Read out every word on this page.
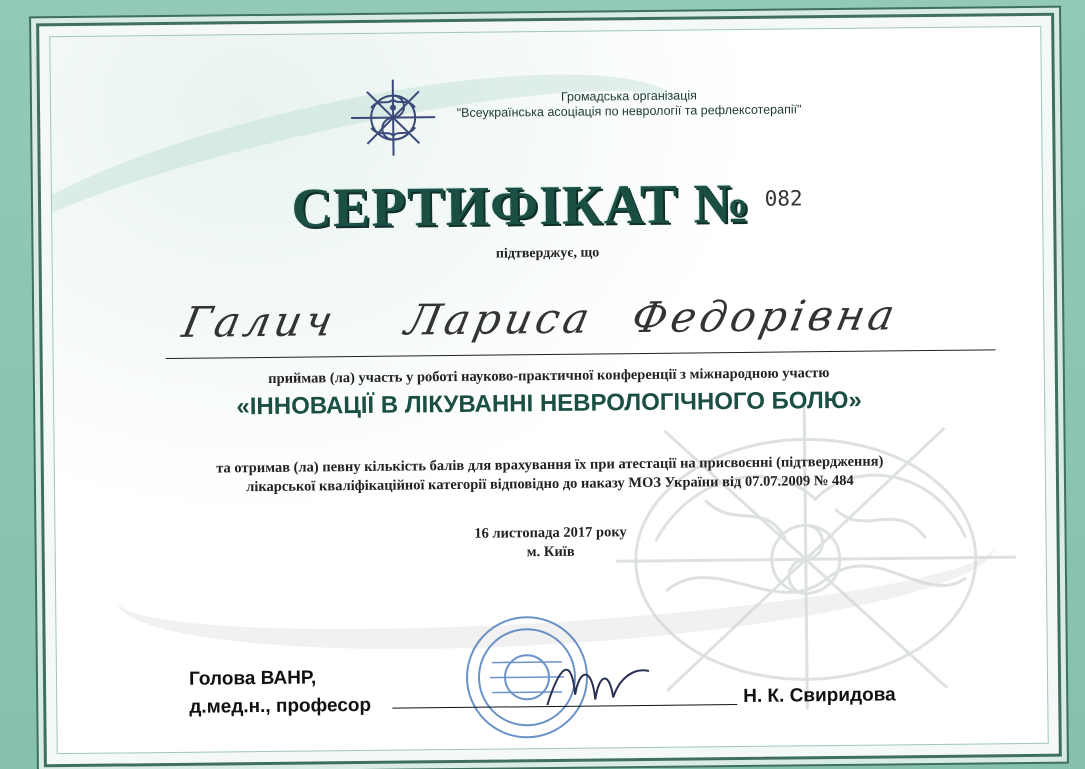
Громадська організація
"Всеукраїнська асоціація по неврології та рефлексотерапії"
СЕРТИФІКАТ № 082
підтверджує, що
Галич Лариса Федорівна
приймав (ла) участь у роботі науково-практичної конференції з міжнародною участю
«ІННОВАЦІЇ В ЛІКУВАННІ НЕВРОЛОГІЧНОГО БОЛЮ»
та отримав (ла) певну кількість балів для врахування їх при атестації на присвоєнні (підтвердження)
лікарської кваліфікаційної категорії відповідно до наказу МОЗ України від 07.07.2009 № 484
16 листопада 2017 року
м. Київ
Голова ВАНР,
д.мед.н., професор	Н. К. Свиридова
